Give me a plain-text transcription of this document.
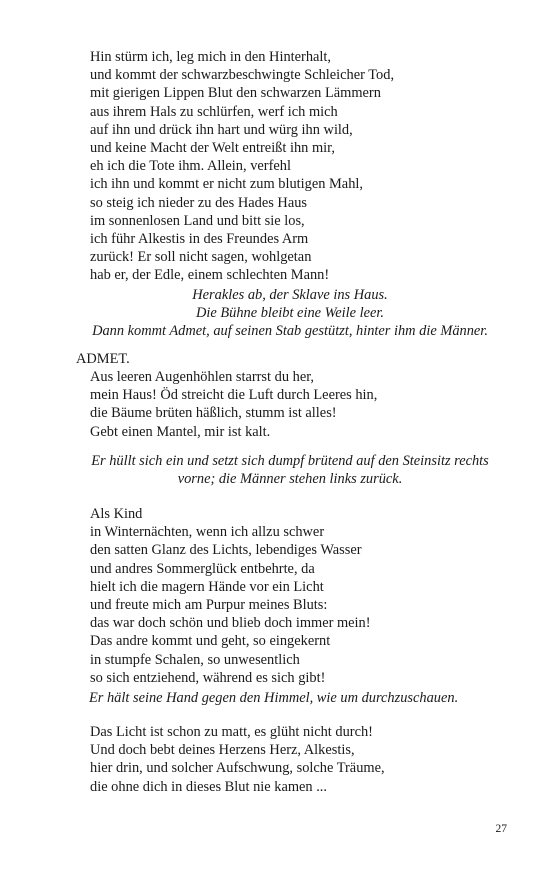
Hin stürm ich, leg mich in den Hinterhalt,
und kommt der schwarzbeschwingte Schleicher Tod,
mit gierigen Lippen Blut den schwarzen Lämmern
aus ihrem Hals zu schlürfen, werf ich mich
auf ihn und drück ihn hart und würg ihn wild,
und keine Macht der Welt entreißt ihn mir,
eh ich die Tote ihm. Allein, verfehl
ich ihn und kommt er nicht zum blutigen Mahl,
so steig ich nieder zu des Hades Haus
im sonnenlosen Land und bitt sie los,
ich führ Alkestis in des Freundes Arm
zurück! Er soll nicht sagen, wohlgetan
hab er, der Edle, einem schlechten Mann!
Herakles ab, der Sklave ins Haus.
Die Bühne bleibt eine Weile leer.
Dann kommt Admet, auf seinen Stab gestützt, hinter ihm die Männer.
ADMET.
Aus leeren Augenhöhlen starrst du her,
mein Haus! Öd streicht die Luft durch Leeres hin,
die Bäume brüten häßlich, stumm ist alles!
Gebt einen Mantel, mir ist kalt.
Er hüllt sich ein und setzt sich dumpf brütend auf den Steinsitz rechts
vorne; die Männer stehen links zurück.
Als Kind
in Winternächten, wenn ich allzu schwer
den satten Glanz des Lichts, lebendiges Wasser
und andres Sommerglück entbehrte, da
hielt ich die magern Hände vor ein Licht
und freute mich am Purpur meines Bluts:
das war doch schön und blieb doch immer mein!
Das andre kommt und geht, so eingekernt
in stumpfe Schalen, so unwesentlich
so sich entziehend, während es sich gibt!
Er hält seine Hand gegen den Himmel, wie um durchzuschauen.
Das Licht ist schon zu matt, es glüht nicht durch!
Und doch bebt deines Herzens Herz, Alkestis,
hier drin, und solcher Aufschwung, solche Träume,
die ohne dich in dieses Blut nie kamen ...
27
